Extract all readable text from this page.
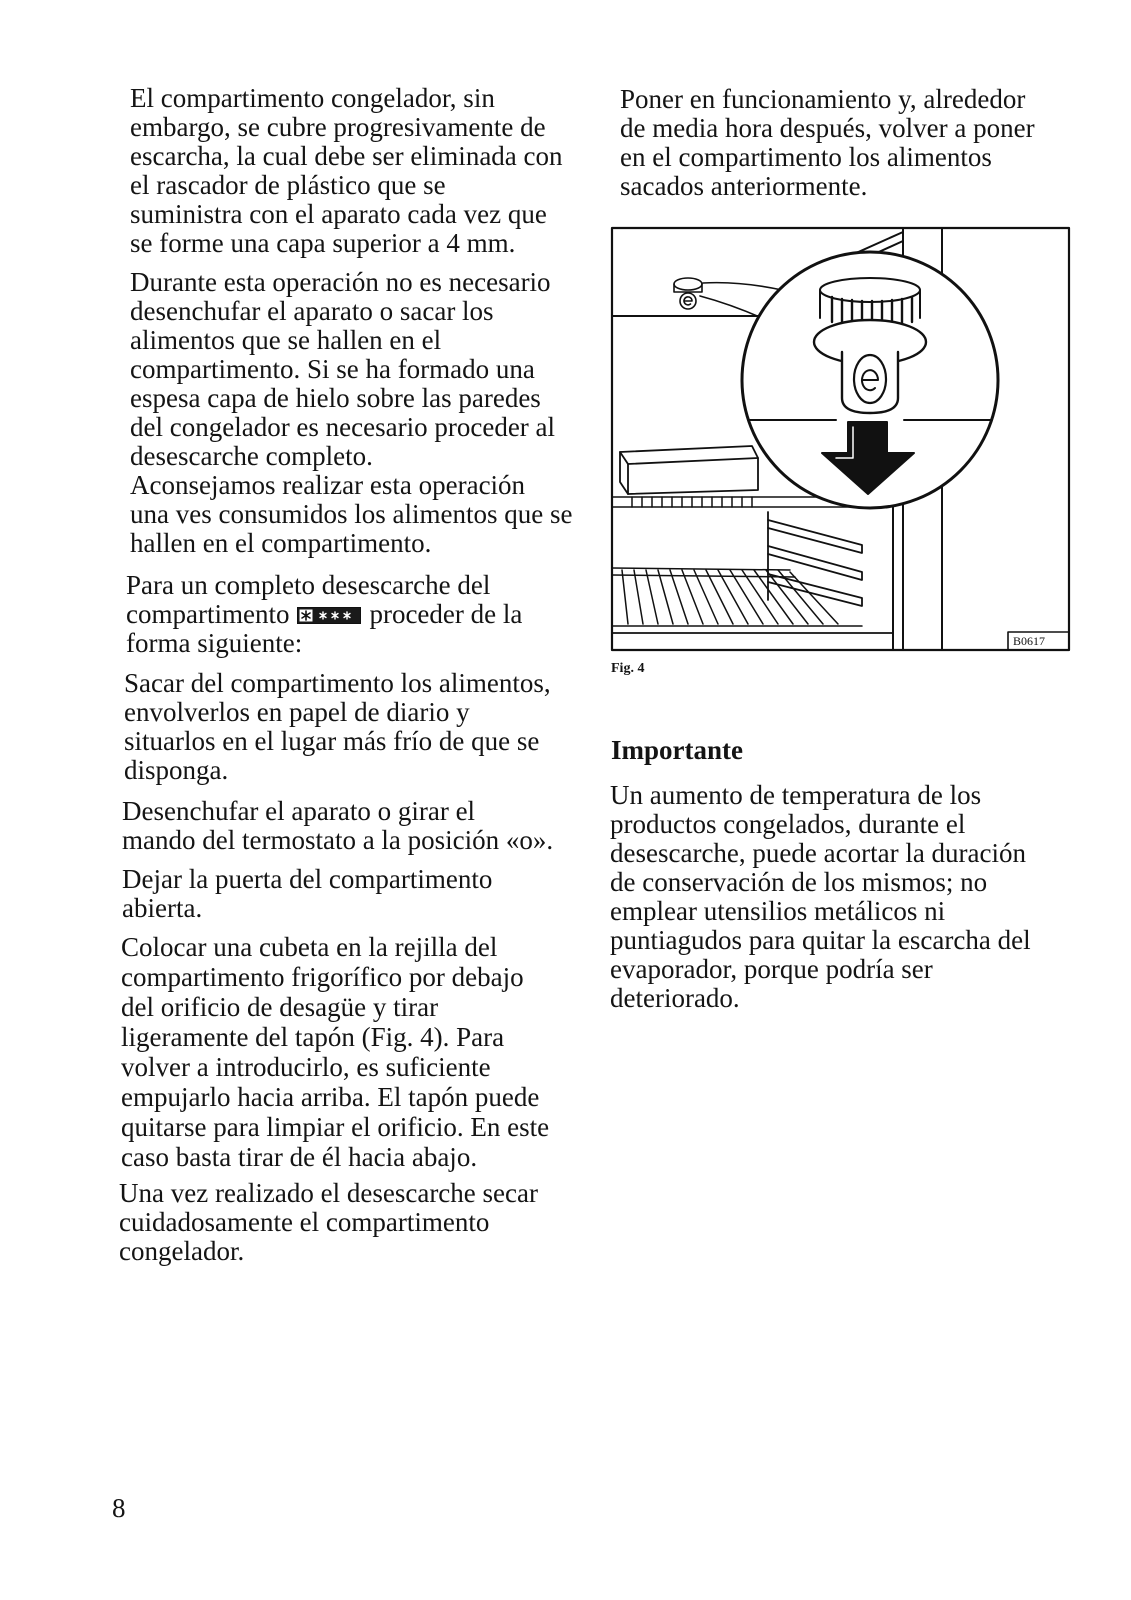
El compartimento congelador, sin
embargo, se cubre progresivamente de
escarcha, la cual debe ser eliminada con
el rascador de plástico que se
suministra con el aparato cada vez que
se forme una capa superior a 4 mm.
Durante esta operación no es necesario
desenchufar el aparato o sacar los
alimentos que se hallen en el
compartimento. Si se ha formado una
espesa capa de hielo sobre las paredes
del congelador es necesario proceder al
desescarche completo.
Aconsejamos realizar esta operación
una ves consumidos los alimentos que se
hallen en el compartimento.
Para un completo desescarche del
compartimento	proceder de la
forma siguiente:
Sacar del compartimento los alimentos,
envolverlos en papel de diario y
situarlos en el lugar más frío de que se
disponga.
Desenchufar el aparato o girar el
mando del termostato a la posición «o».
Dejar la puerta del compartimento
abierta.
Colocar una cubeta en la rejilla del
compartimento frigorífico por debajo
del orificio de desagüe y tirar
ligeramente del tapón (Fig. 4). Para
volver a introducirlo, es suficiente
empujarlo hacia arriba. El tapón puede
quitarse para limpiar el orificio. En este
caso basta tirar de él hacia abajo.
Una vez realizado el desescarche secar
cuidadosamente el compartimento
congelador.
Poner en funcionamiento y, alrededor
de media hora después, volver a poner
en el compartimento los alimentos
sacados anteriormente.
B0617
Fig. 4
Importante
Un aumento de temperatura de los
productos congelados, durante el
desescarche, puede acortar la duración
de conservación de los mismos; no
emplear utensilios metálicos ni
puntiagudos para quitar la escarcha del
evaporador, porque podría ser
deteriorado.
8
